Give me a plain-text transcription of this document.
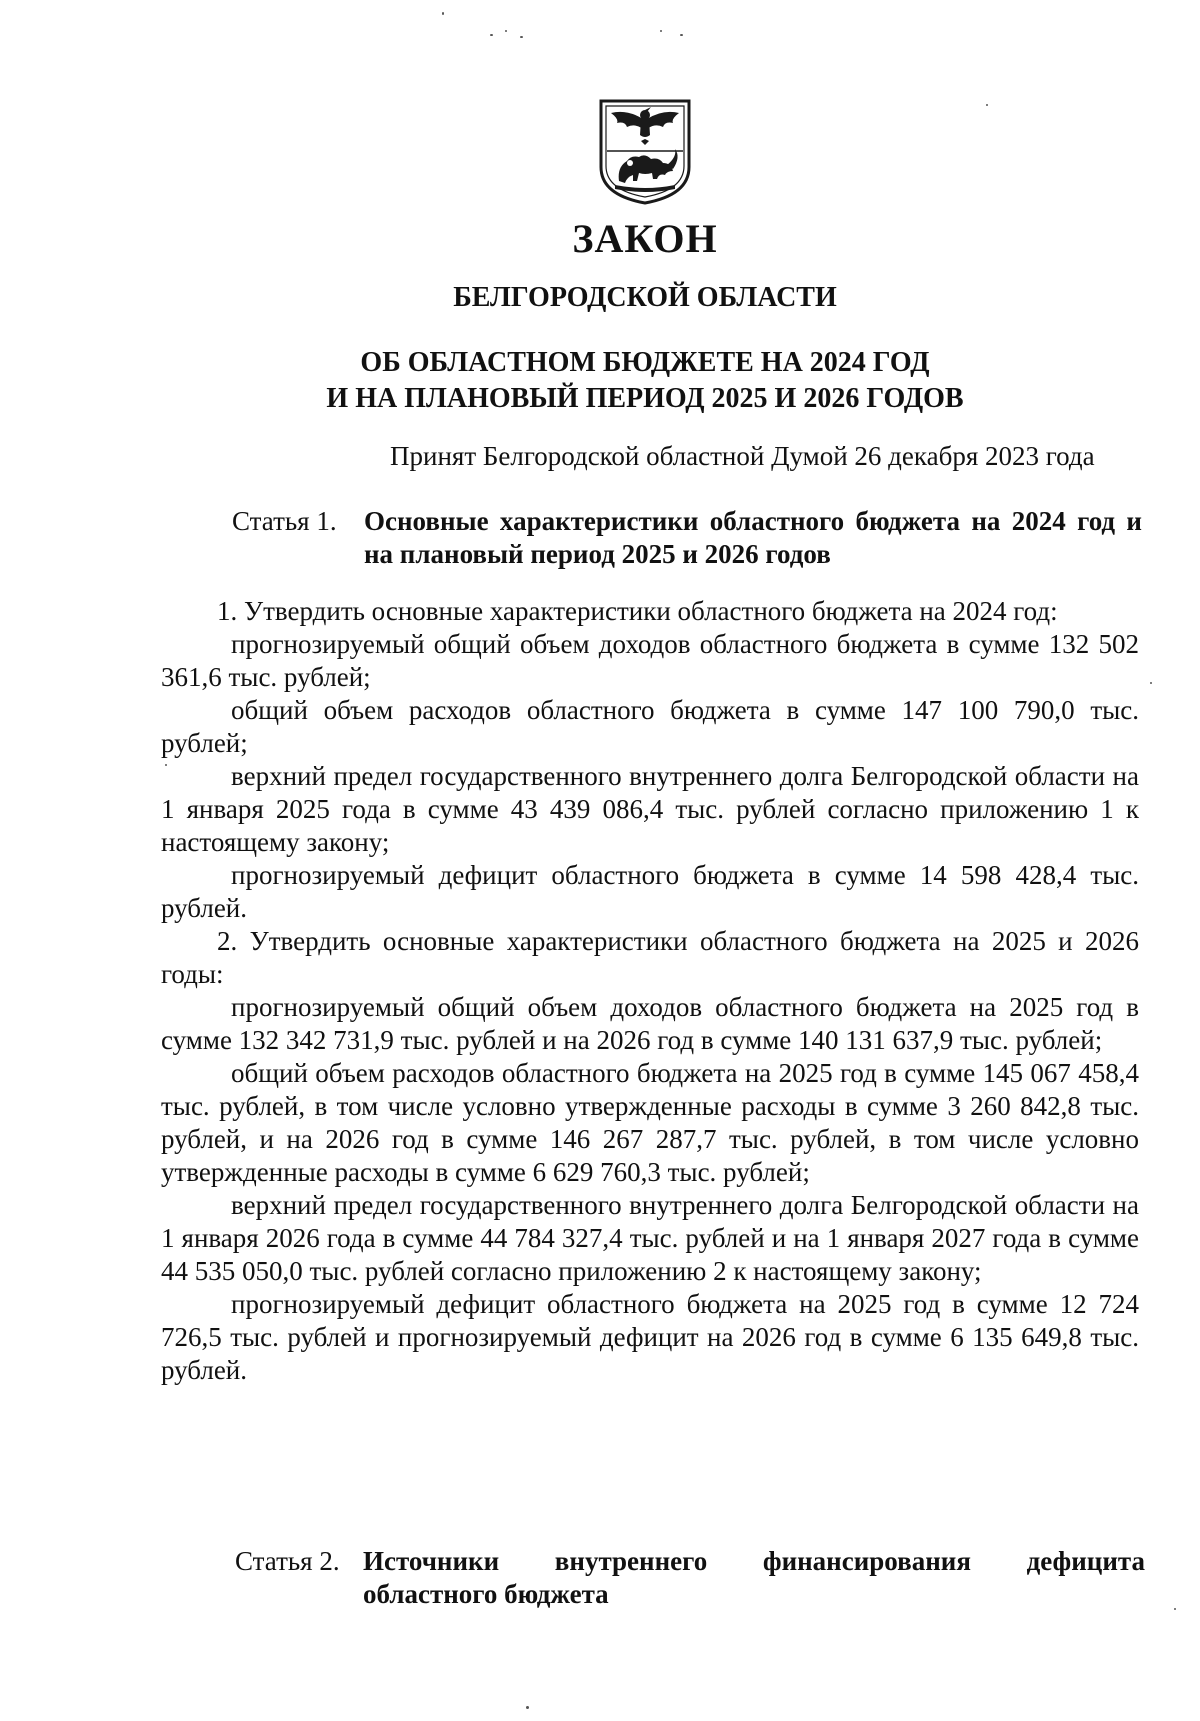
ЗАКОН
БЕЛГОРОДСКОЙ ОБЛАСТИ
ОБ ОБЛАСТНОМ БЮДЖЕТЕ НА 2024 ГОД
И НА ПЛАНОВЫЙ ПЕРИОД 2025 И 2026 ГОДОВ
Принят Белгородской областной Думой 26 декабря 2023 года
Статья 1. Основные характеристики областного бюджета на 2024 год и на плановый период 2025 и 2026 годов

1. Утвердить основные характеристики областного бюджета на 2024 год:

прогнозируемый общий объем доходов областного бюджета в сумме 132 502 361,6 тыс. рублей;

общий объем расходов областного бюджета в сумме 147 100 790,0 тыс. рублей;

верхний предел государственного внутреннего долга Белгородской области на 1 января 2025 года в сумме 43 439 086,4 тыс. рублей согласно приложению 1 к настоящему закону;

прогнозируемый дефицит областного бюджета в сумме 14 598 428,4 тыс. рублей.

2. Утвердить основные характеристики областного бюджета на 2025 и 2026 годы:

прогнозируемый общий объем доходов областного бюджета на 2025 год в сумме 132 342 731,9 тыс. рублей и на 2026 год в сумме 140 131 637,9 тыс. рублей;

общий объем расходов областного бюджета на 2025 год в сумме 145 067 458,4 тыс. рублей, в том числе условно утвержденные расходы в сумме 3 260 842,8 тыс. рублей, и на 2026 год в сумме 146 267 287,7 тыс. рублей, в том числе условно утвержденные расходы в сумме 6 629 760,3 тыс. рублей;

верхний предел государственного внутреннего долга Белгородской области на 1 января 2026 года в сумме 44 784 327,4 тыс. рублей и на 1 января 2027 года в сумме 44 535 050,0 тыс. рублей согласно приложению 2 к настоящему закону;

прогнозируемый дефицит областного бюджета на 2025 год в сумме 12 724 726,5 тыс. рублей и прогнозируемый дефицит на 2026 год в сумме 6 135 649,8 тыс. рублей.

Статья 2. Источники внутреннего финансирования дефицита
областного бюджета
